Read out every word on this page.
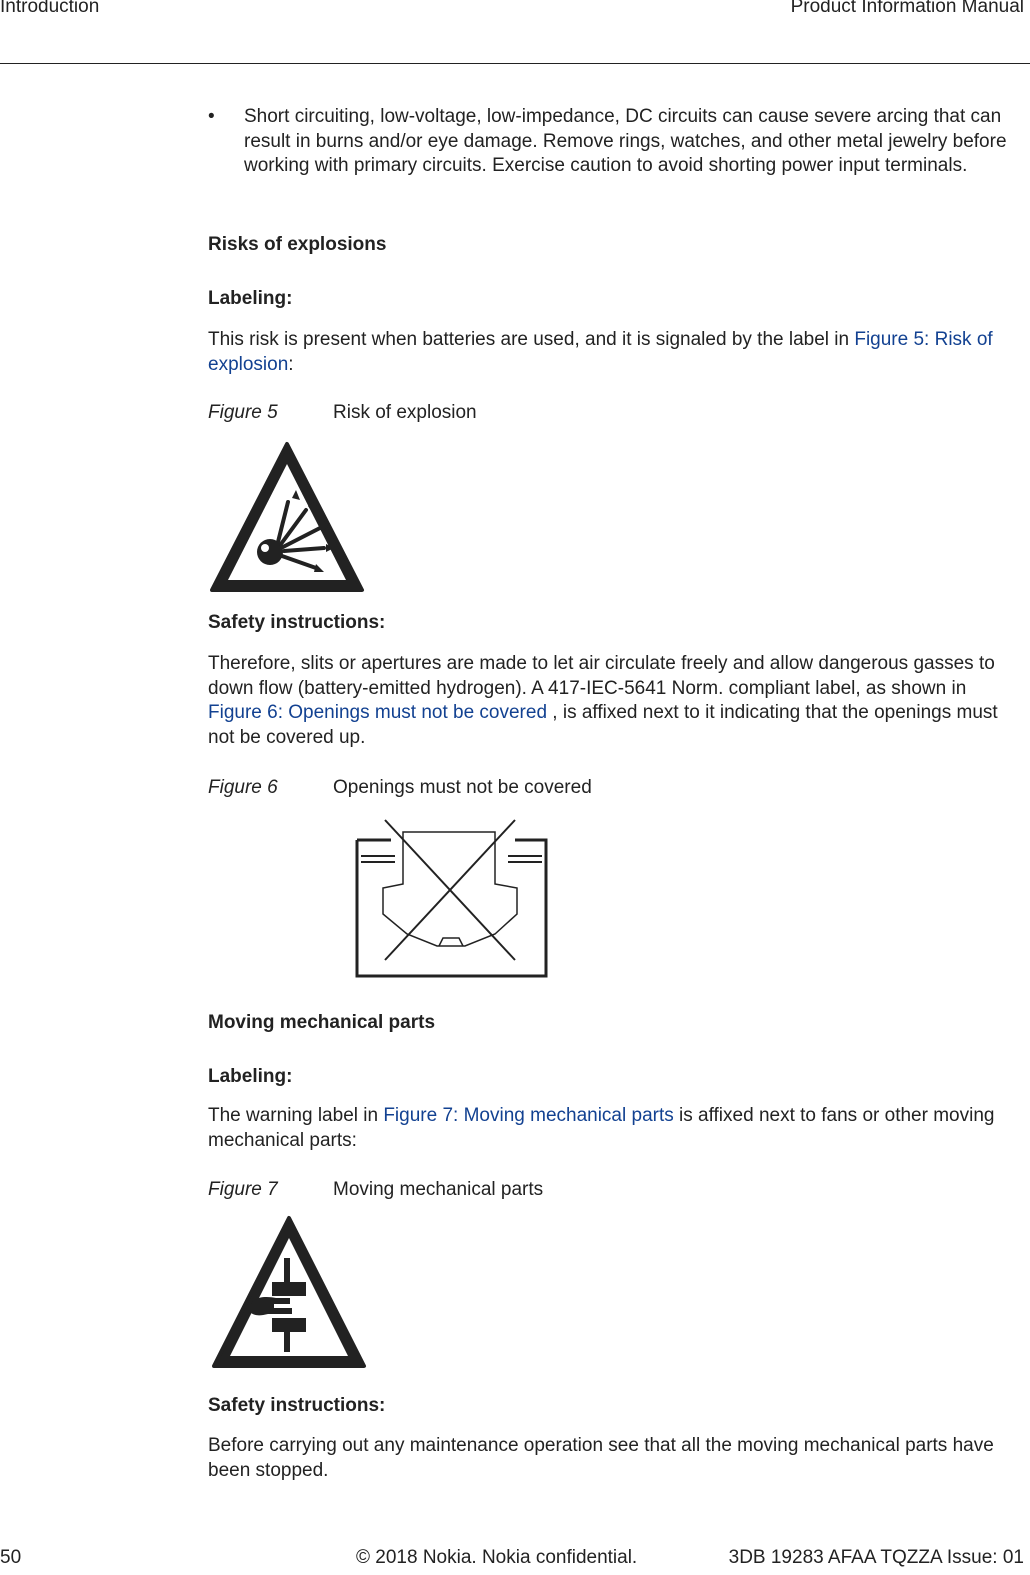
Introduction	Product Information Manual
• Short circuiting, low-voltage, low-impedance, DC circuits can cause severe arcing that can result in burns and/or eye damage. Remove rings, watches, and other metal jewelry before working with primary circuits. Exercise caution to avoid shorting power input terminals.
Risks of explosions
Labeling:
This risk is present when batteries are used, and it is signaled by the label in Figure 5: Risk of explosion:
Figure 5	Risk of explosion
Safety instructions:
Therefore, slits or apertures are made to let air circulate freely and allow dangerous gasses to down flow (battery-emitted hydrogen). A 417-IEC-5641 Norm. compliant label, as shown in Figure 6: Openings must not be covered , is affixed next to it indicating that the openings must not be covered up.
Figure 6	Openings must not be covered
Moving mechanical parts
Labeling:
The warning label in Figure 7: Moving mechanical parts is affixed next to fans or other moving mechanical parts:
Figure 7	Moving mechanical parts
Safety instructions:
Before carrying out any maintenance operation see that all the moving mechanical parts have been stopped.
50	© 2018 Nokia. Nokia confidential.	3DB 19283 AFAA TQZZA Issue: 01
